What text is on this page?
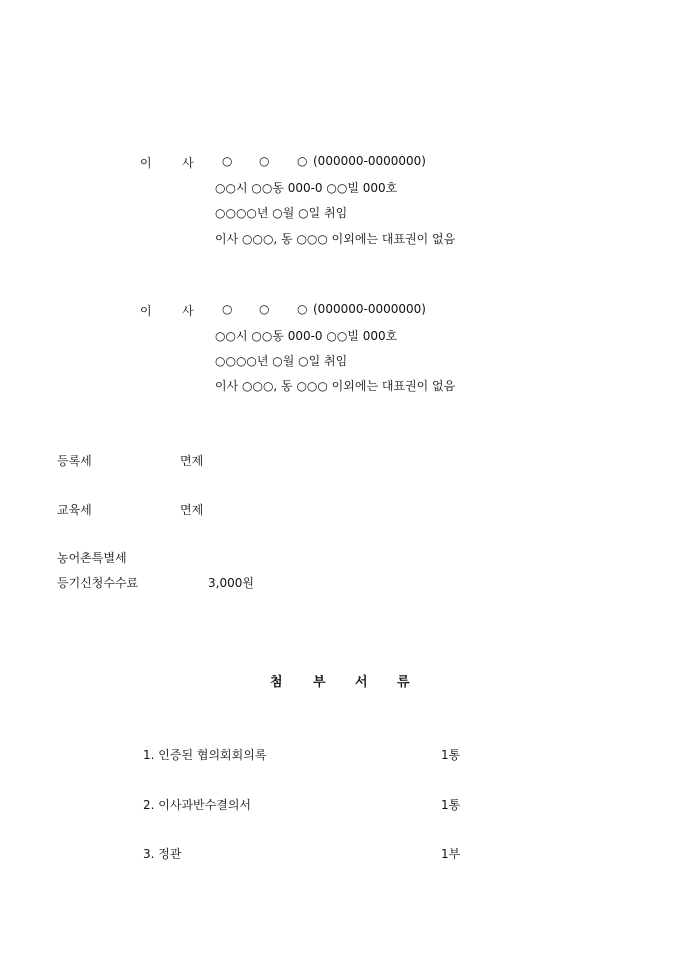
이	사 ○ ○ ○ (000000-0000000)
○○시 ○○동 000-0 ○○빌 000호
○○○○년 ○월 ○일 취임
이사 ○○○, 동 ○○○ 이외에는 대표권이 없음
이	사 ○ ○ ○ (000000-0000000)
○○시 ○○동 000-0 ○○빌 000호
○○○○년 ○월 ○일 취임
이사 ○○○, 동 ○○○ 이외에는 대표권이 없음
등록세	면제
교육세	면제
농어촌특별세
등기신청수수료	3,000원
첨 부 서 류
1. 인증된 협의회회의록	1통
2. 이사과반수결의서	1통
3. 정관	1부
